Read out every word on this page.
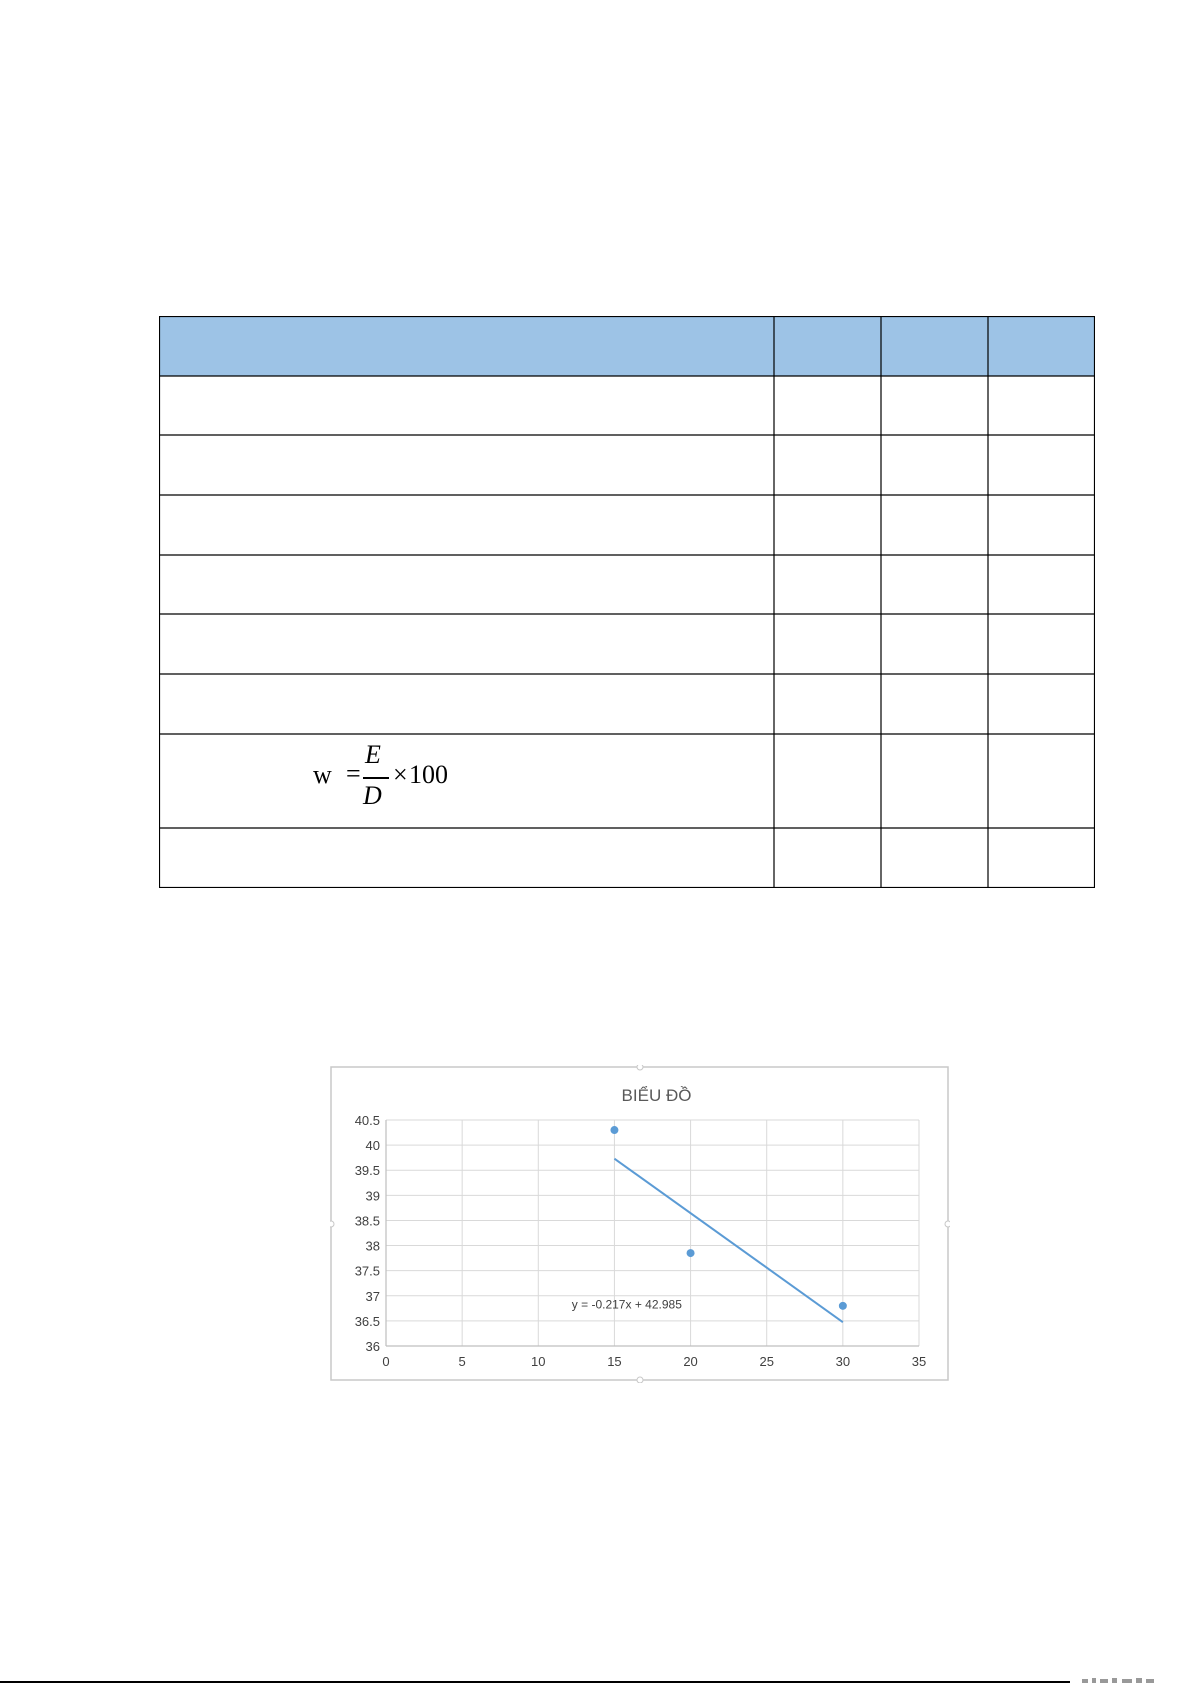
w =
E
D
× 100
BIỂU ĐỒ
36
36.5
37
37.5
38
38.5
39
39.5
40
40.5
0	5	10	15	20	25	30	35
y = -0.217x + 42.985
